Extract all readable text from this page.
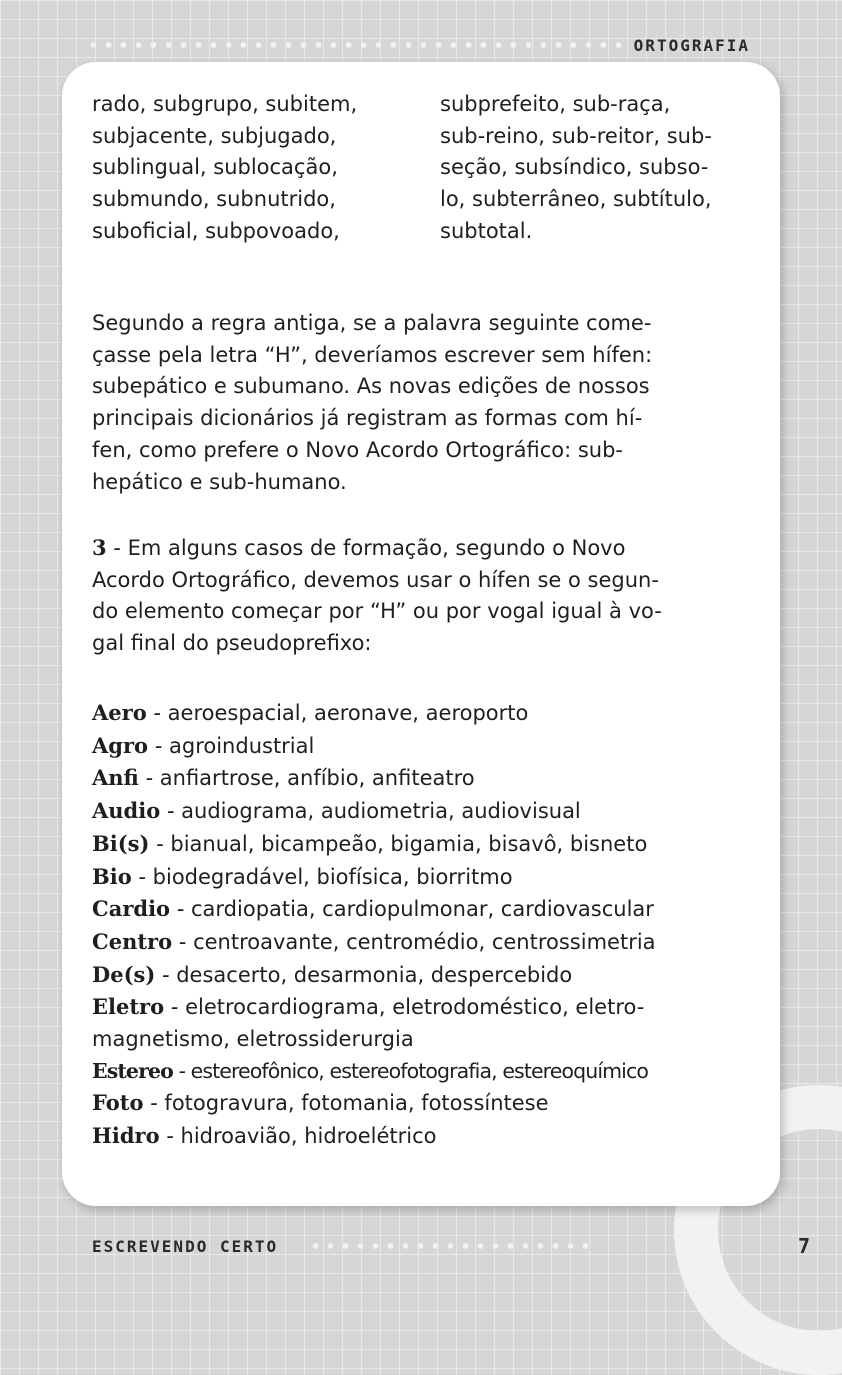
ORTOGRAFIA
rado, subgrupo, subitem,
subjacente, subjugado,
sublingual, sublocação,
submundo, subnutrido,
suboficial, subpovoado,
subprefeito, sub-raça,
sub-reino, sub-reitor, sub-
seção, subsíndico, subso-
lo, subterrâneo, subtítulo,
subtotal.
Segundo a regra antiga, se a palavra seguinte come-
çasse pela letra “H”, deveríamos escrever sem hífen:
subepático e subumano. As novas edições de nossos
principais dicionários já registram as formas com hí-
fen, como prefere o Novo Acordo Ortográfico: sub-
hepático e sub-humano.
3 - Em alguns casos de formação, segundo o Novo
Acordo Ortográfico, devemos usar o hífen se o segun-
do elemento começar por “H” ou por vogal igual à vo-
gal final do pseudoprefixo:
Aero - aeroespacial, aeronave, aeroporto
Agro - agroindustrial
Anfi - anfiartrose, anfíbio, anfiteatro
Audio - audiograma, audiometria, audiovisual
Bi(s) - bianual, bicampeão, bigamia, bisavô, bisneto
Bio - biodegradável, biofísica, biorritmo
Cardio - cardiopatia, cardiopulmonar, cardiovascular
Centro - centroavante, centromédio, centrossimetria
De(s) - desacerto, desarmonia, despercebido
Eletro - eletrocardiograma, eletrodoméstico, eletro-
magnetismo, eletrossiderurgia
Estereo - estereofônico, estereofotografia, estereoquímico
Foto - fotogravura, fotomania, fotossíntese
Hidro - hidroavião, hidroelétrico
ESCREVENDO CERTO	7
